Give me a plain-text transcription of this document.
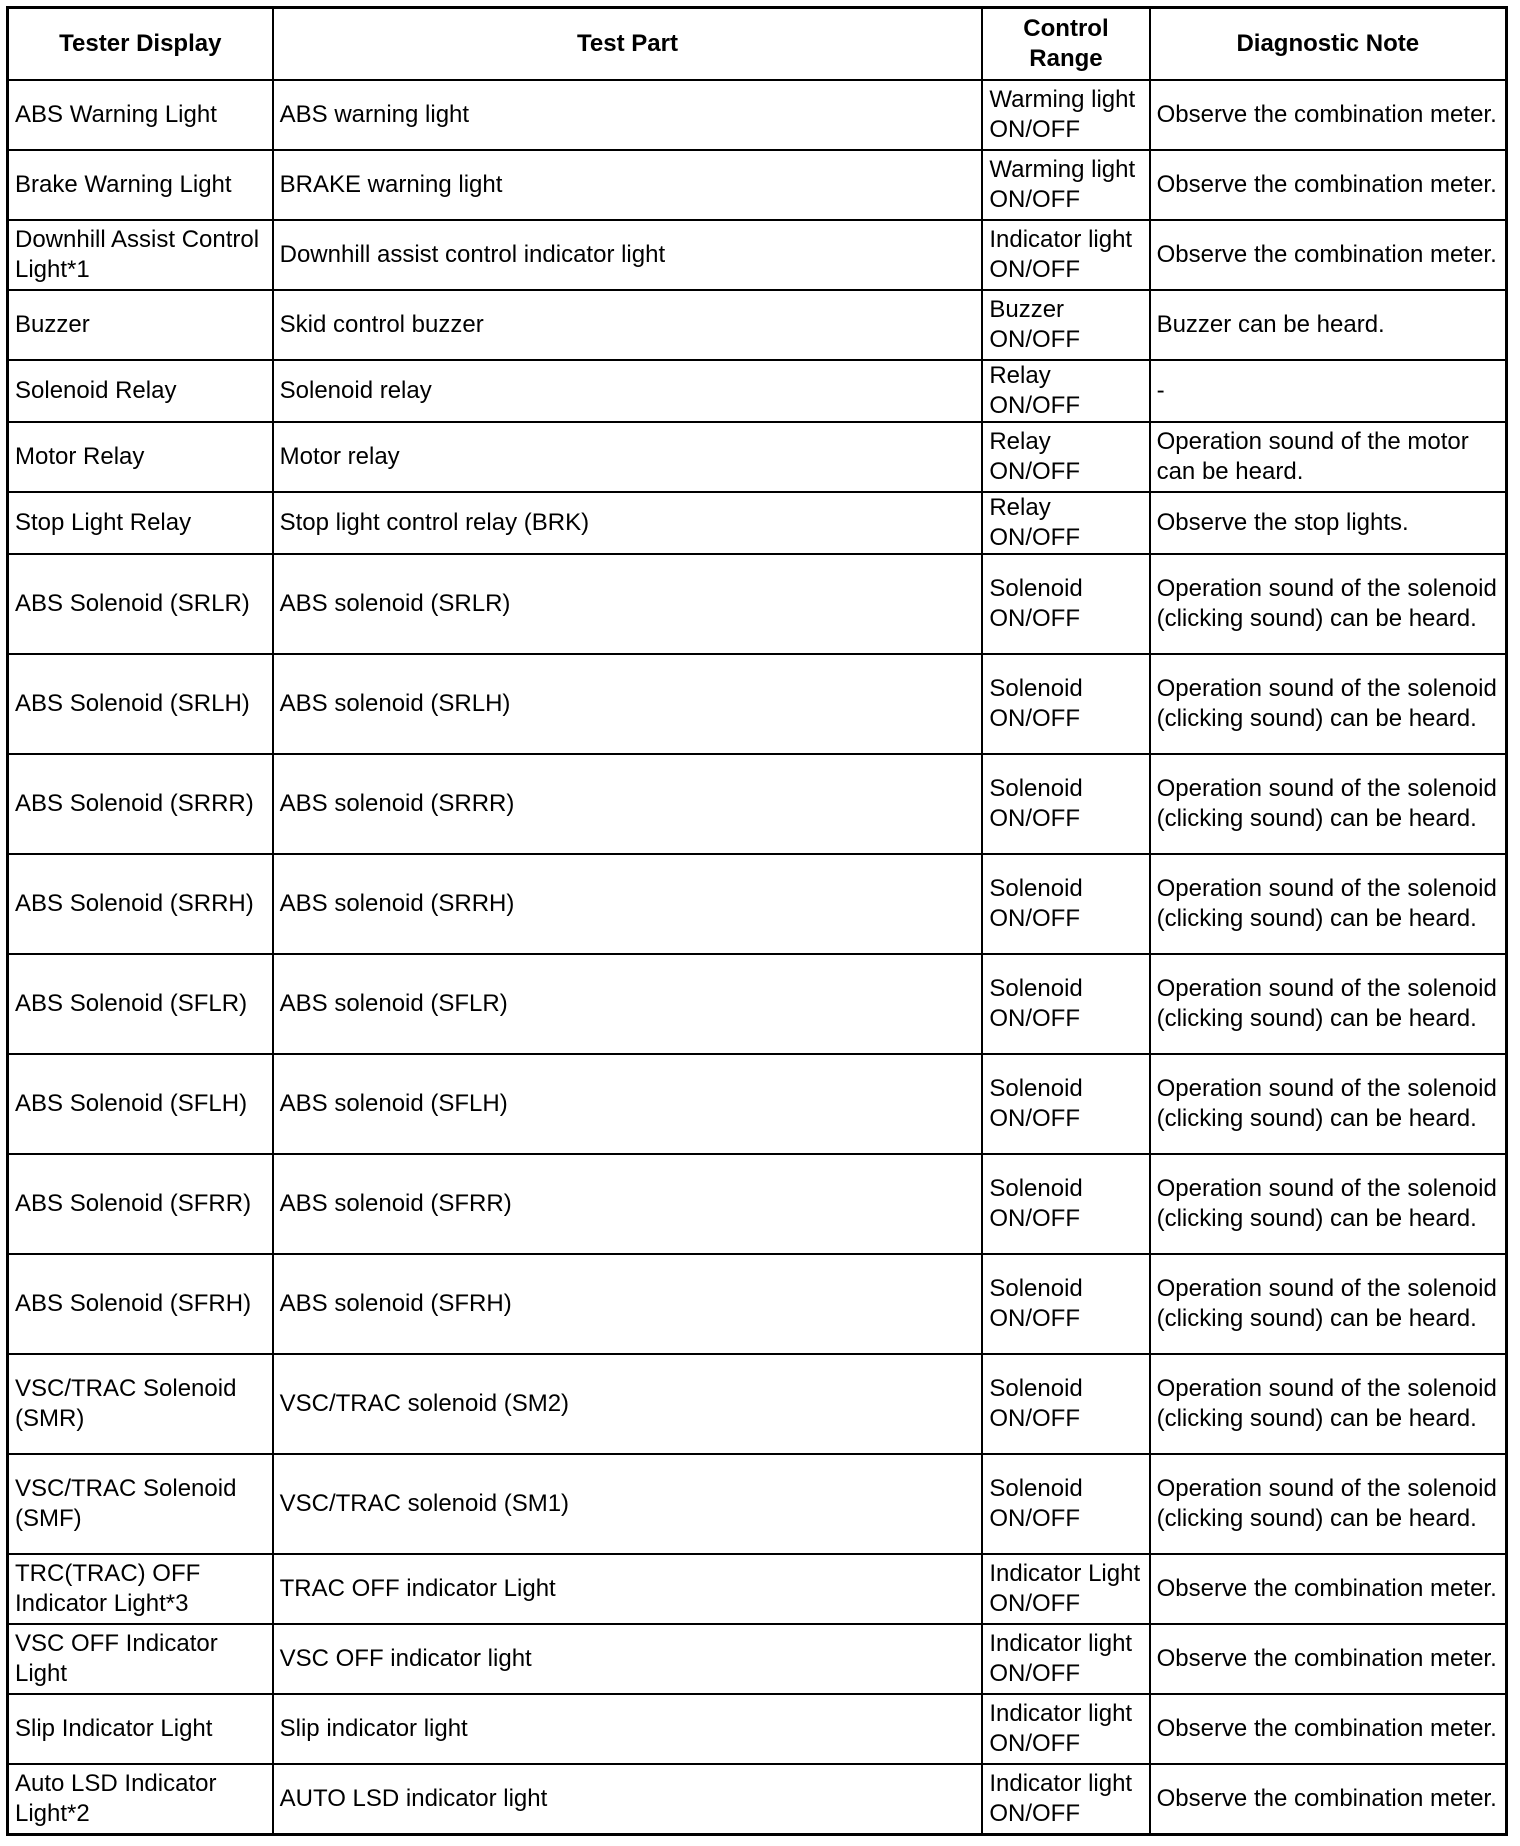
Tester Display	Test Part	Control Range	Diagnostic Note
ABS Warning Light	ABS warning light	Warming light ON/OFF	Observe the combination meter.
Brake Warning Light	BRAKE warning light	Warming light ON/OFF	Observe the combination meter.
Downhill Assist Control Light*1	Downhill assist control indicator light	Indicator light ON/OFF	Observe the combination meter.
Buzzer	Skid control buzzer	Buzzer ON/OFF	Buzzer can be heard.
Solenoid Relay	Solenoid relay	Relay ON/OFF	-
Motor Relay	Motor relay	Relay ON/OFF	Operation sound of the motor can be heard.
Stop Light Relay	Stop light control relay (BRK)	Relay ON/OFF	Observe the stop lights.
ABS Solenoid (SRLR)	ABS solenoid (SRLR)	Solenoid ON/OFF	Operation sound of the solenoid (clicking sound) can be heard.
ABS Solenoid (SRLH)	ABS solenoid (SRLH)	Solenoid ON/OFF	Operation sound of the solenoid (clicking sound) can be heard.
ABS Solenoid (SRRR)	ABS solenoid (SRRR)	Solenoid ON/OFF	Operation sound of the solenoid (clicking sound) can be heard.
ABS Solenoid (SRRH)	ABS solenoid (SRRH)	Solenoid ON/OFF	Operation sound of the solenoid (clicking sound) can be heard.
ABS Solenoid (SFLR)	ABS solenoid (SFLR)	Solenoid ON/OFF	Operation sound of the solenoid (clicking sound) can be heard.
ABS Solenoid (SFLH)	ABS solenoid (SFLH)	Solenoid ON/OFF	Operation sound of the solenoid (clicking sound) can be heard.
ABS Solenoid (SFRR)	ABS solenoid (SFRR)	Solenoid ON/OFF	Operation sound of the solenoid (clicking sound) can be heard.
ABS Solenoid (SFRH)	ABS solenoid (SFRH)	Solenoid ON/OFF	Operation sound of the solenoid (clicking sound) can be heard.
VSC/TRAC Solenoid (SMR)	VSC/TRAC solenoid (SM2)	Solenoid ON/OFF	Operation sound of the solenoid (clicking sound) can be heard.
VSC/TRAC Solenoid (SMF)	VSC/TRAC solenoid (SM1)	Solenoid ON/OFF	Operation sound of the solenoid (clicking sound) can be heard.
TRC(TRAC) OFF Indicator Light*3	TRAC OFF indicator Light	Indicator Light ON/OFF	Observe the combination meter.
VSC OFF Indicator Light	VSC OFF indicator light	Indicator light ON/OFF	Observe the combination meter.
Slip Indicator Light	Slip indicator light	Indicator light ON/OFF	Observe the combination meter.
Auto LSD Indicator Light*2	AUTO LSD indicator light	Indicator light ON/OFF	Observe the combination meter.
